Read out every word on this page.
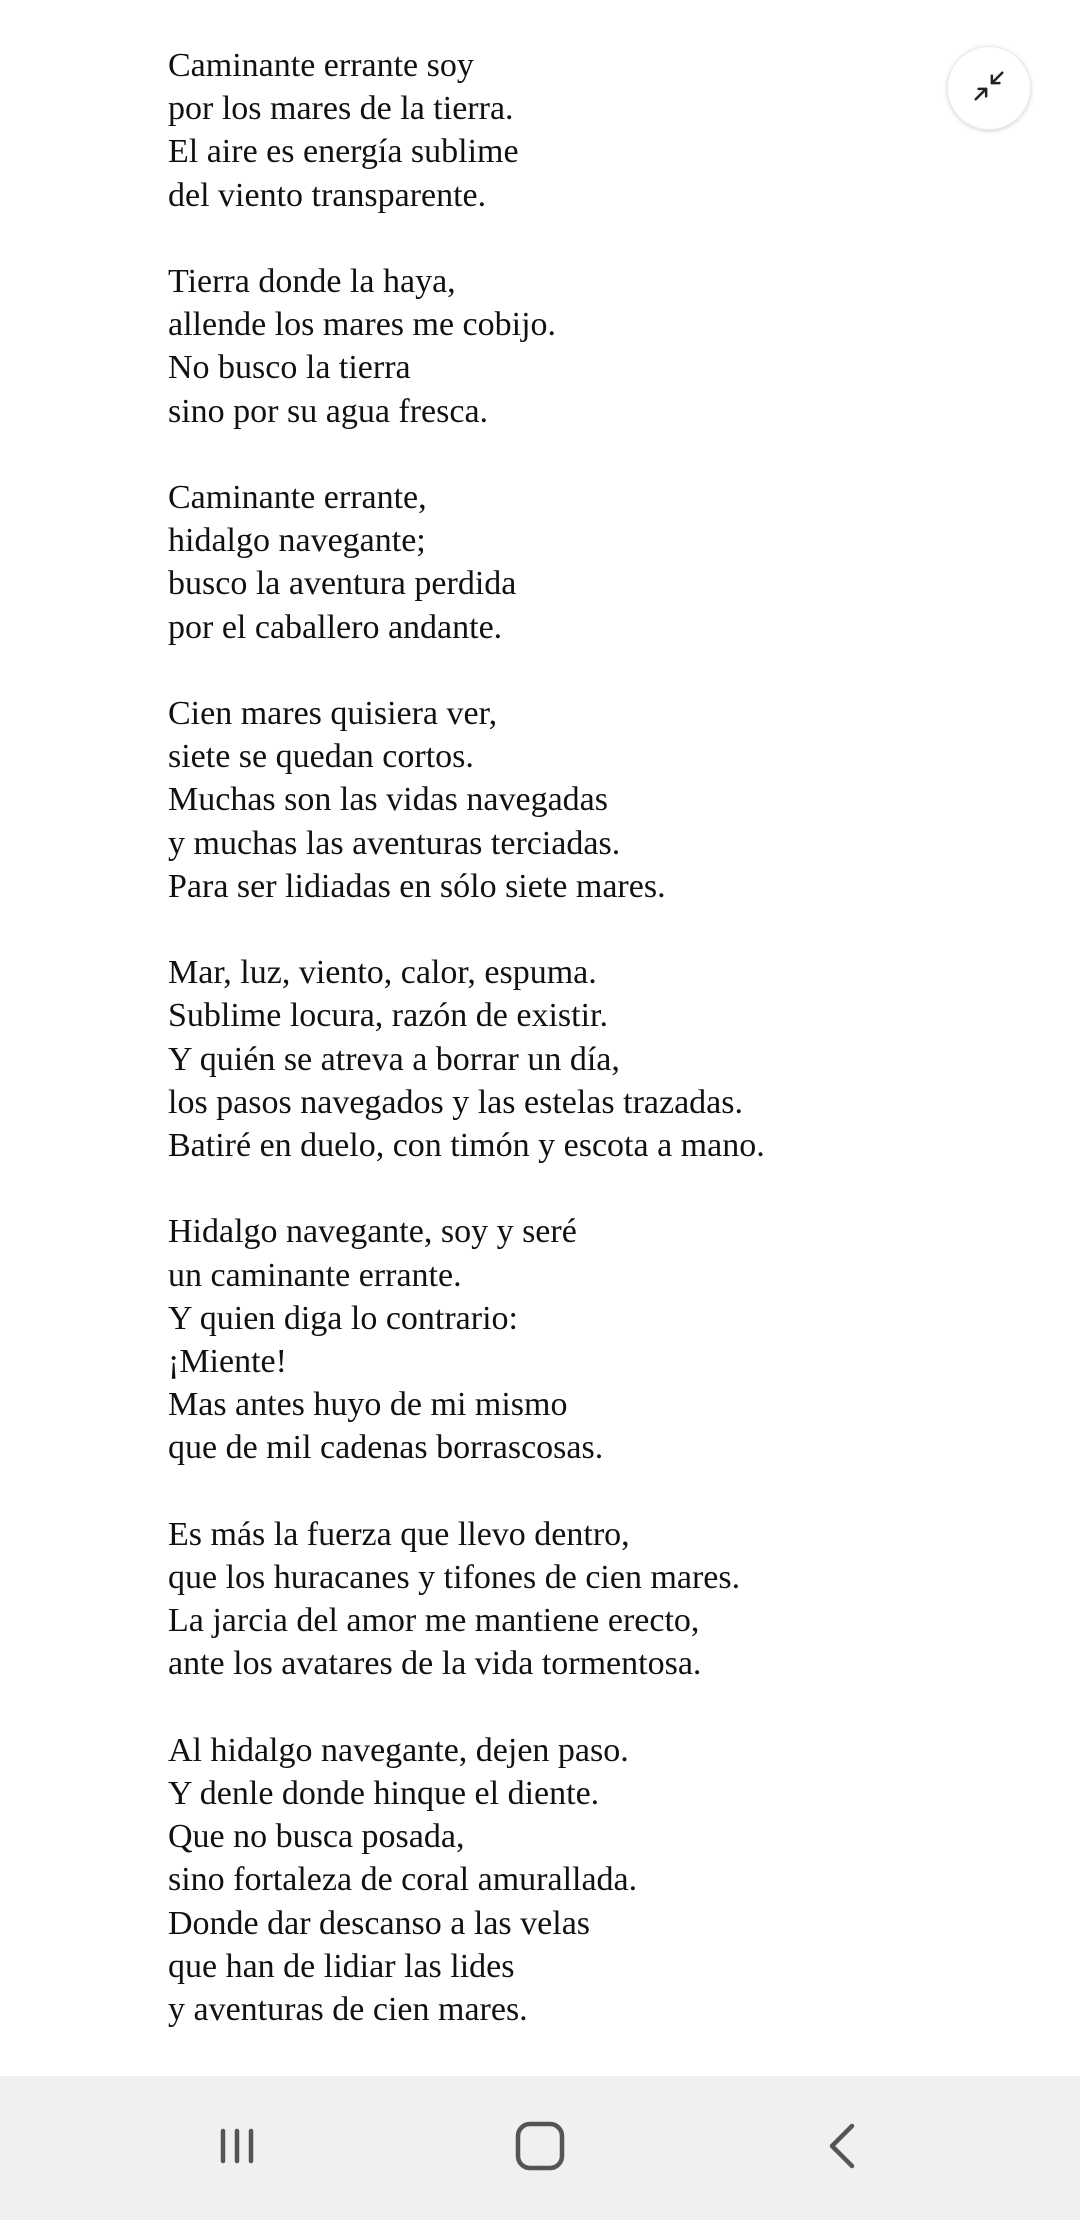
Caminante errante soy
por los mares de la tierra.
El aire es energía sublime
del viento transparente.
Tierra donde la haya,
allende los mares me cobijo.
No busco la tierra
sino por su agua fresca.
Caminante errante,
hidalgo navegante;
busco la aventura perdida
por el caballero andante.
Cien mares quisiera ver,
siete se quedan cortos.
Muchas son las vidas navegadas
y muchas las aventuras terciadas.
Para ser lidiadas en sólo siete mares.
Mar, luz, viento, calor, espuma.
Sublime locura, razón de existir.
Y quién se atreva a borrar un día,
los pasos navegados y las estelas trazadas.
Batiré en duelo, con timón y escota a mano.
Hidalgo navegante, soy y seré
un caminante errante.
Y quien diga lo contrario:
¡Miente!
Mas antes huyo de mi mismo
que de mil cadenas borrascosas.
Es más la fuerza que llevo dentro,
que los huracanes y tifones de cien mares.
La jarcia del amor me mantiene erecto,
ante los avatares de la vida tormentosa.
Al hidalgo navegante, dejen paso.
Y denle donde hinque el diente.
Que no busca posada,
sino fortaleza de coral amurallada.
Donde dar descanso a las velas
que han de lidiar las lides
y aventuras de cien mares.
